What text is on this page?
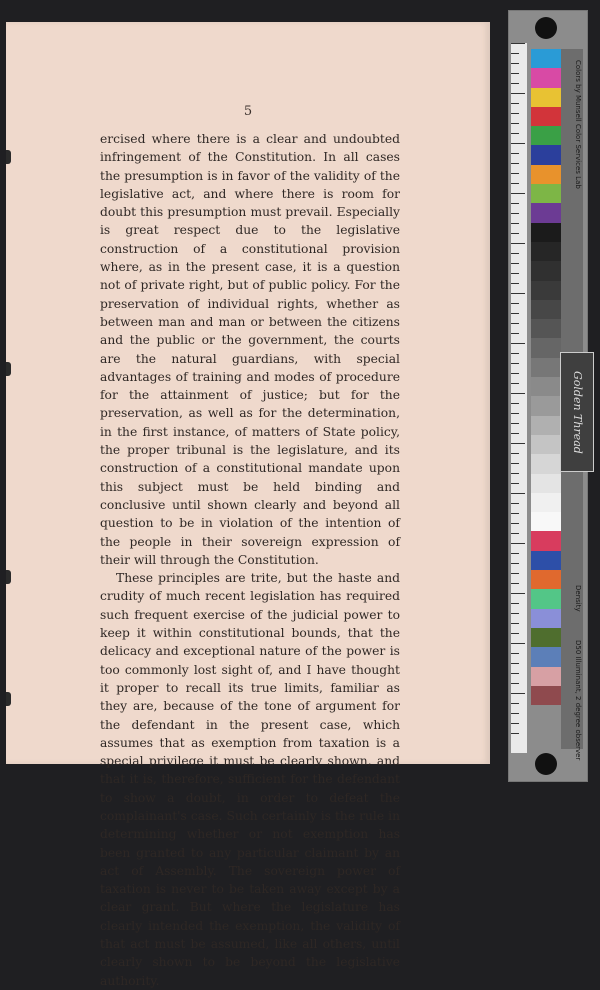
5

ercised where there is a clear and undoubted infringement of the Constitution. In all cases the presumption is in favor of the validity of the legislative act, and where there is room for doubt this presumption must prevail. Especially is great respect due to the legislative construction of a constitutional provision where, as in the present case, it is a question not of private right, but of public policy. For the preservation of individual rights, whether as between man and man or between the citizens and the public or the government, the courts are the natural guardians, with special advantages of training and modes of procedure for the attainment of justice; but for the preservation, as well as for the determination, in the first instance, of matters of State policy, the proper tribunal is the legislature, and its construction of a constitutional mandate upon this subject must be held binding and conclusive until shown clearly and beyond all question to be in violation of the intention of the people in their sovereign expression of their will through the Constitution.

These principles are trite, but the haste and crudity of much recent legislation has required such frequent exercise of the judicial power to keep it within constitutional bounds, that the delicacy and exceptional nature of the power is too commonly lost sight of, and I have thought it proper to recall its true limits, familiar as they are, because of the tone of argument for the defendant in the present case, which assumes that as exemption from taxation is a special privilege it must be clearly shown, and that it is, therefore, sufficient for the defendant to show a doubt, in order to defeat the complainant's case. Such certainly is the rule in determining whether or not exemption has been granted to any particular claimant by an act of Assembly. The sovereign power of taxation is never to be taken away except by a clear grant. But where the legislature has clearly intended the exemption, the validity of that act must be assumed, like all others, until clearly shown to be beyond the legislative authority.

Colors by Munsell Color Services Lab
D50 Illuminant, 2 degree observer
Density
Golden Thread
